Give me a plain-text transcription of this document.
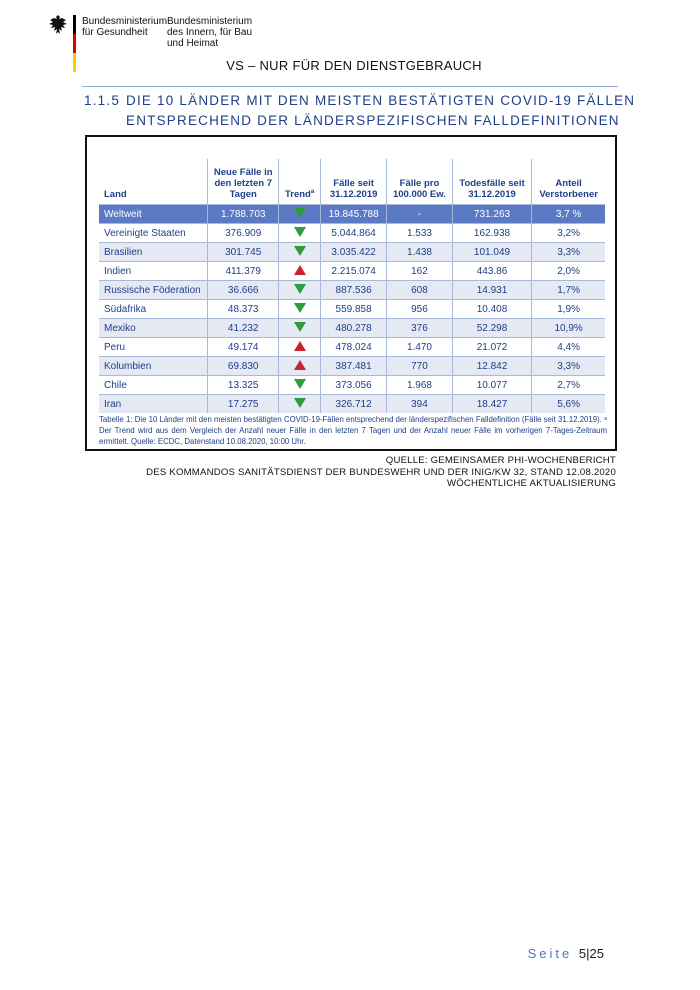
Bundesministerium
für Gesundheit
Bundesministerium
des Innern, für Bau
und Heimat
VS – NUR FÜR DEN DIENSTGEBRAUCH
1.1.5 DIE 10 LÄNDER MIT DEN MEISTEN BESTÄTIGTEN COVID-19 FÄLLEN
ENTSPRECHEND DER LÄNDERSPEZIFISCHEN FALLDEFINITIONEN
Land	Neue Fälle in den letzten 7 Tagen	Trend$^a$	Fälle seit 31.12.2019	Fälle pro 100.000 Ew.	Todesfälle seit 31.12.2019	Anteil Verstorbener
Weltweit	1.788.703		19.845.788	-	731.263	3,7 %
Vereinigte Staaten	376.909		5.044.864	1.533	162.938	3,2%
Brasilien	301.745		3.035.422	1.438	101.049	3,3%
Indien	411.379		2.215.074	162	443.86	2,0%
Russische Föderation	36.666		887.536	608	14.931	1,7%
Südafrika	48.373		559.858	956	10.408	1,9%
Mexiko	41.232		480.278	376	52.298	10,9%
Peru	49.174		478.024	1.470	21.072	4,4%
Kolumbien	69.830		387.481	770	12.842	3,3%
Chile	13.325		373.056	1.968	10.077	2,7%
Iran	17.275		326.712	394	18.427	5,6%
Tabelle 1: Die 10 Länder mit den meisten bestätigten COVID-19-Fällen entsprechend der länderspezifischen Falldefinition (Fälle seit 31.12.2019). ᵃ Der Trend wird aus dem Vergleich der Anzahl neuer Fälle in den letzten 7 Tagen und der Anzahl neuer Fälle im vorherigen 7-Tages-Zeitraum ermittelt. Quelle: ECDC, Datenstand 10.08.2020, 10:00 Uhr.
QUELLE: GEMEINSAMER PHI-WOCHENBERICHT
DES KOMMANDOS SANITÄTSDIENST DER BUNDESWEHR UND DER INIG/KW 32, STAND 12.08.2020
WÖCHENTLICHE AKTUALISIERUNG
Seite 5|25
